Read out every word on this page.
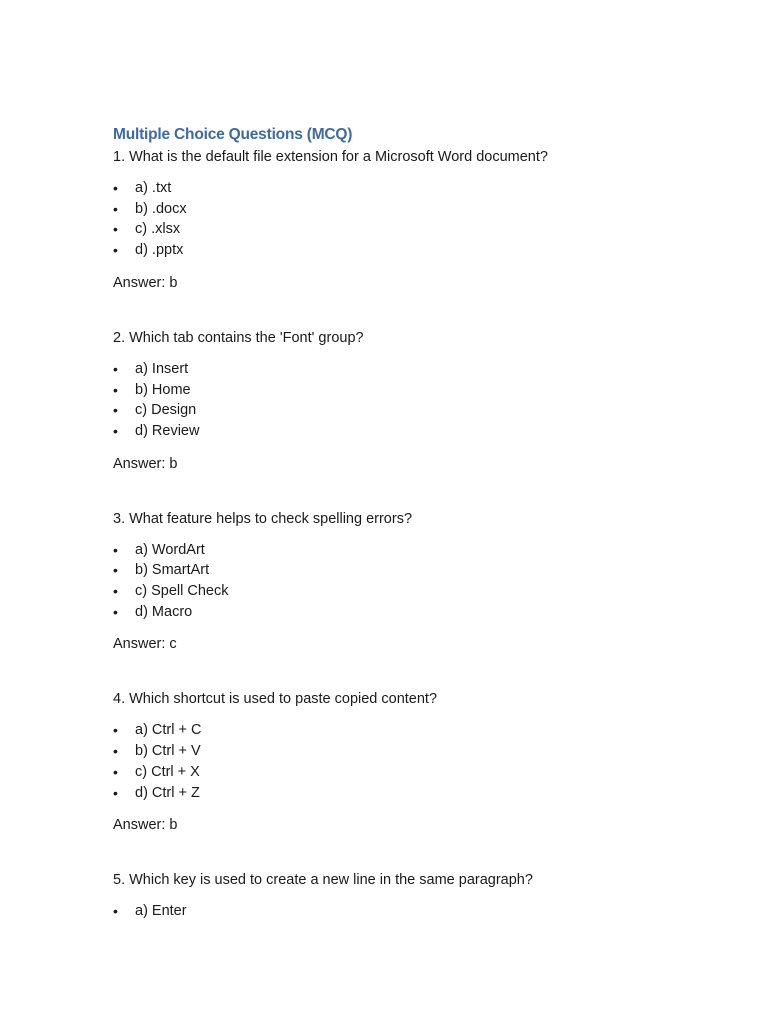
Multiple Choice Questions (MCQ)

1. What is the default file extension for a Microsoft Word document?

• a) .txt
• b) .docx
• c) .xlsx
• d) .pptx

Answer: b

2. Which tab contains the 'Font' group?

• a) Insert
• b) Home
• c) Design
• d) Review

Answer: b

3. What feature helps to check spelling errors?

• a) WordArt
• b) SmartArt
• c) Spell Check
• d) Macro

Answer: c

4. Which shortcut is used to paste copied content?

• a) Ctrl + C
• b) Ctrl + V
• c) Ctrl + X
• d) Ctrl + Z

Answer: b

5. Which key is used to create a new line in the same paragraph?

• a) Enter
